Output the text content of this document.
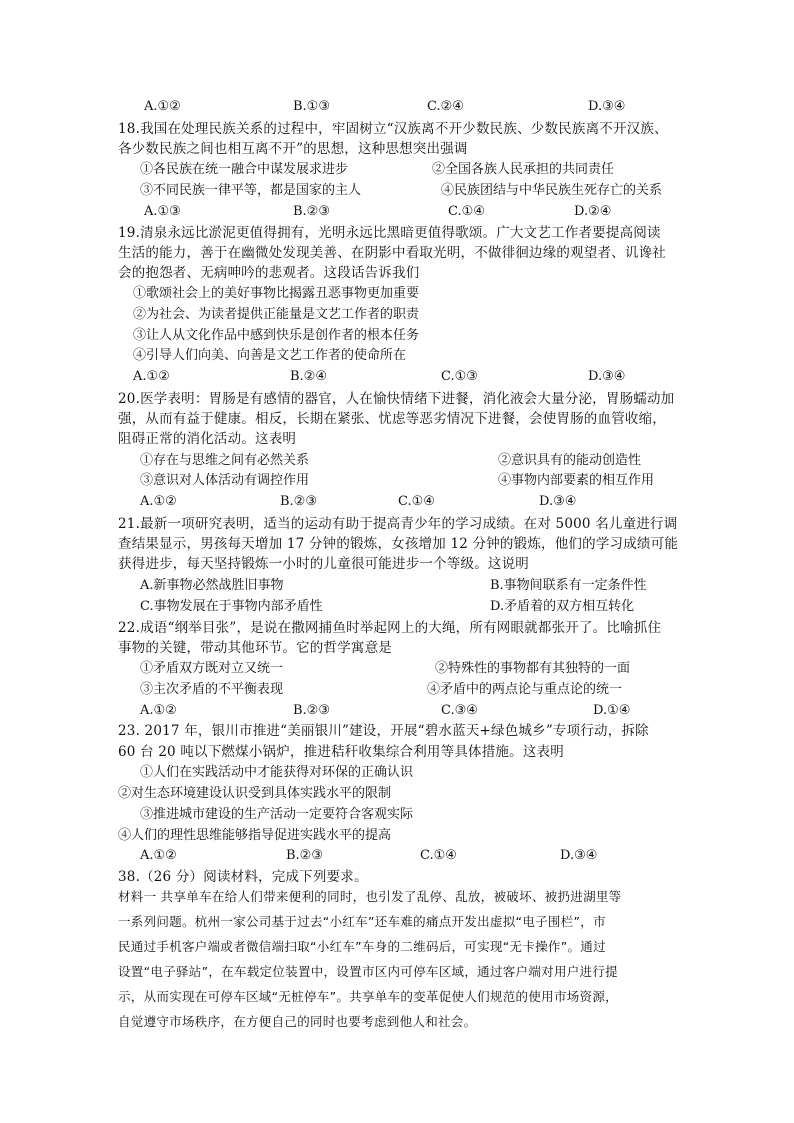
A.①②	B.①③	C.②④	D.③④
18.我国在处理民族关系的过程中，牢固树立“汉族离不开少数民族、少数民族离不开汉族、
各少数民族之间也相互离不开”的思想，这种思想突出强调
①各民族在统一融合中谋发展求进步	②全国各族人民承担的共同责任
③不同民族一律平等，都是国家的主人	④民族团结与中华民族生死存亡的关系
A.①③	B.②③	C.①④	D.②④
19.清泉永远比淤泥更值得拥有，光明永远比黑暗更值得歌颂。广大文艺工作者要提高阅读
生活的能力，善于在幽微处发现美善、在阴影中看取光明，不做徘徊边缘的观望者、讥谗社
会的抱怨者、无病呻吟的悲观者。这段话告诉我们
①歌颂社会上的美好事物比揭露丑恶事物更加重要
②为社会、为读者提供正能量是文艺工作者的职责
③让人从文化作品中感到快乐是创作者的根本任务
④引导人们向美、向善是文艺工作者的使命所在
A.①②	B.②④	C.①③	D.③④
20.医学表明：胃肠是有感情的器官，人在愉快情绪下进餐，消化液会大量分泌，胃肠蠕动加
强，从而有益于健康。相反，长期在紧张、忧虑等恶劣情况下进餐，会使胃肠的血管收缩，
阻碍正常的消化活动。这表明
①存在与思维之间有必然关系	②意识具有的能动创造性
③意识对人体活动有调控作用	④事物内部要素的相互作用
A.①②	B.②③	C.①④	D.③④
21.最新一项研究表明，适当的运动有助于提高青少年的学习成绩。在对 5000 名儿童进行调
查结果显示，男孩每天增加 17 分钟的锻炼，女孩增加 12 分钟的锻炼，他们的学习成绩可能
获得进步，每天坚持锻炼一小时的儿童很可能进步一个等级。这说明
A.新事物必然战胜旧事物	B.事物间联系有一定条件性
C.事物发展在于事物内部矛盾性	D.矛盾着的双方相互转化
22.成语“纲举目张”，是说在撒网捕鱼时举起网上的大绳，所有网眼就都张开了。比喻抓住
事物的关键，带动其他环节。它的哲学寓意是
①矛盾双方既对立又统一	②特殊性的事物都有其独特的一面
③主次矛盾的不平衡表现	④矛盾中的两点论与重点论的统一
A.①②	B.②③	C.③④	D.①④
23. 2017 年，银川市推进“美丽银川”建设，开展“碧水蓝天+绿色城乡”专项行动，拆除
60 台 20 吨以下燃煤小锅炉，推进秸秆收集综合利用等具体措施。这表明
①人们在实践活动中才能获得对环保的正确认识
②对生态环境建设认识受到具体实践水平的限制
③推进城市建设的生产活动一定要符合客观实际
④人们的理性思维能够指导促进实践水平的提高
A.①②	B.②③	C.①④	D.③④
38.（26 分）阅读材料，完成下列要求。
材料一 共享单车在给人们带来便利的同时，也引发了乱停、乱放，被破坏、被扔进湖里等
一系列问题。杭州一家公司基于过去“小红车”还车难的痛点开发出虚拟“电子围栏”，市
民通过手机客户端或者微信端扫取“小红车”车身的二维码后，可实现“无卡操作”。通过
设置“电子驿站”，在车载定位装置中，设置市区内可停车区域，通过客户端对用户进行提
示，从而实现在可停车区域“无桩停车”。共享单车的变革促使人们规范的使用市场资源，
自觉遵守市场秩序，在方便自己的同时也要考虑到他人和社会。
